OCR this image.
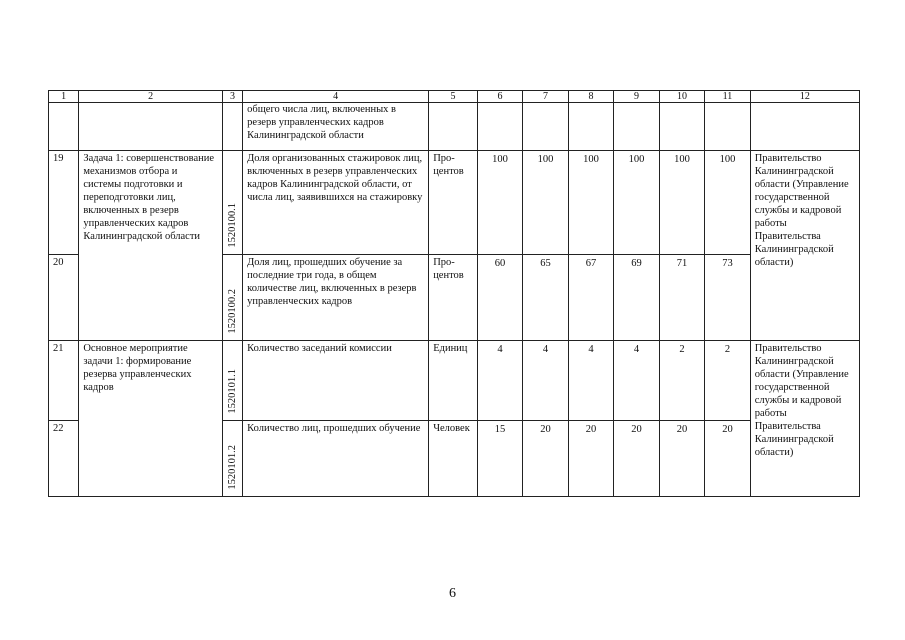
1	2	3	4	5	6	7	8	9	10	11	12
			общего числа лиц, включенных в резерв управленческих кадров Калининградской области								
19	Задача 1: совершенствование механизмов отбора и системы подготовки и переподготовки лиц, включенных в резерв управленческих кадров Калининградской области	1520100.1	Доля организованных стажировок лиц, включенных в резерв управленческих кадров Калининградской области, от числа лиц, заявившихся на стажировку	Про-центов	100	100	100	100	100	100	Правительство Калининградской области (Управление государственной службы и кадровой работы Правительства Калининградской области)
20		1520100.2	Доля лиц, прошедших обучение за последние три года, в общем количестве лиц, включенных в резерв управленческих кадров	Про-центов	60	65	67	69	71	73	
21	Основное мероприятие задачи 1: формирование резерва управленческих кадров	1520101.1	Количество заседаний комиссии	Единиц	4	4	4	4	2	2	Правительство Калининградской области (Управление государственной службы и кадровой работы Правительства Калининградской области)
22		1520101.2	Количество лиц, прошедших обучение	Человек	15	20	20	20	20	20	
6
